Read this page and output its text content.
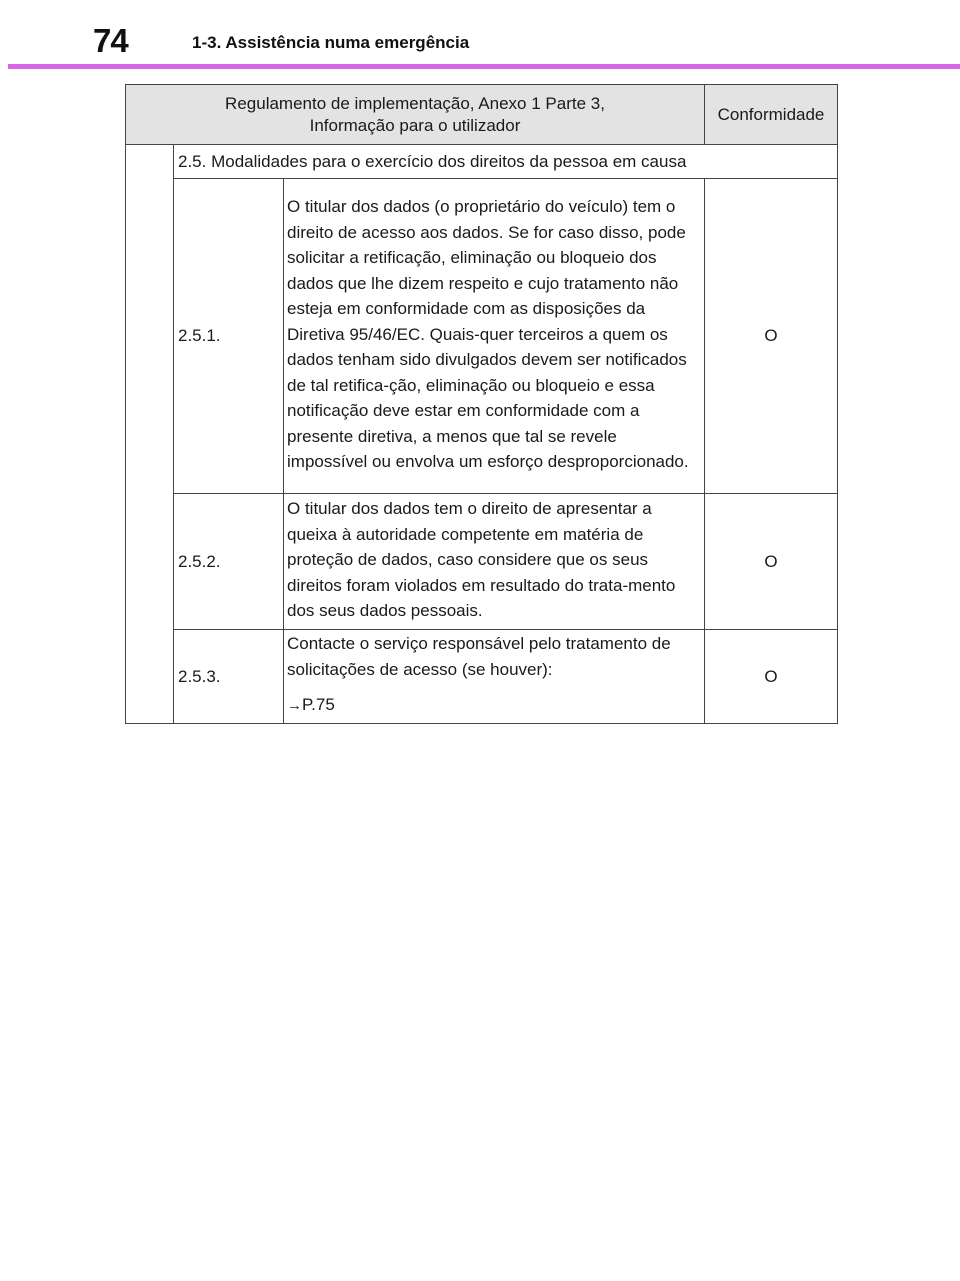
74	1-3. Assistência numa emergência
Regulamento de implementação, Anexo 1 Parte 3,
Informação para o utilizador			Conformidade
	2.5. Modalidades para o exercício dos direitos da pessoa em causa		
	2.5.1.	O titular dos dados (o proprietário do veículo) tem o direito de acesso aos dados. Se for caso disso, pode solicitar a retificação, eliminação ou bloqueio dos dados que lhe dizem respeito e cujo tratamento não esteja em conformidade com as disposições da Diretiva 95/46/EC. Quais-quer terceiros a quem os dados tenham sido divulgados devem ser notificados de tal retifica-ção, eliminação ou bloqueio e essa notificação deve estar em conformidade com a presente diretiva, a menos que tal se revele impossível ou envolva um esforço desproporcionado.	O
	2.5.2.	O titular dos dados tem o direito de apresentar a queixa à autoridade competente em matéria de proteção de dados, caso considere que os seus direitos foram violados em resultado do trata-mento dos seus dados pessoais.	O
	2.5.3.	Contacte o serviço responsável pelo tratamento de solicitações de acesso (se houver):
→P.75	O
